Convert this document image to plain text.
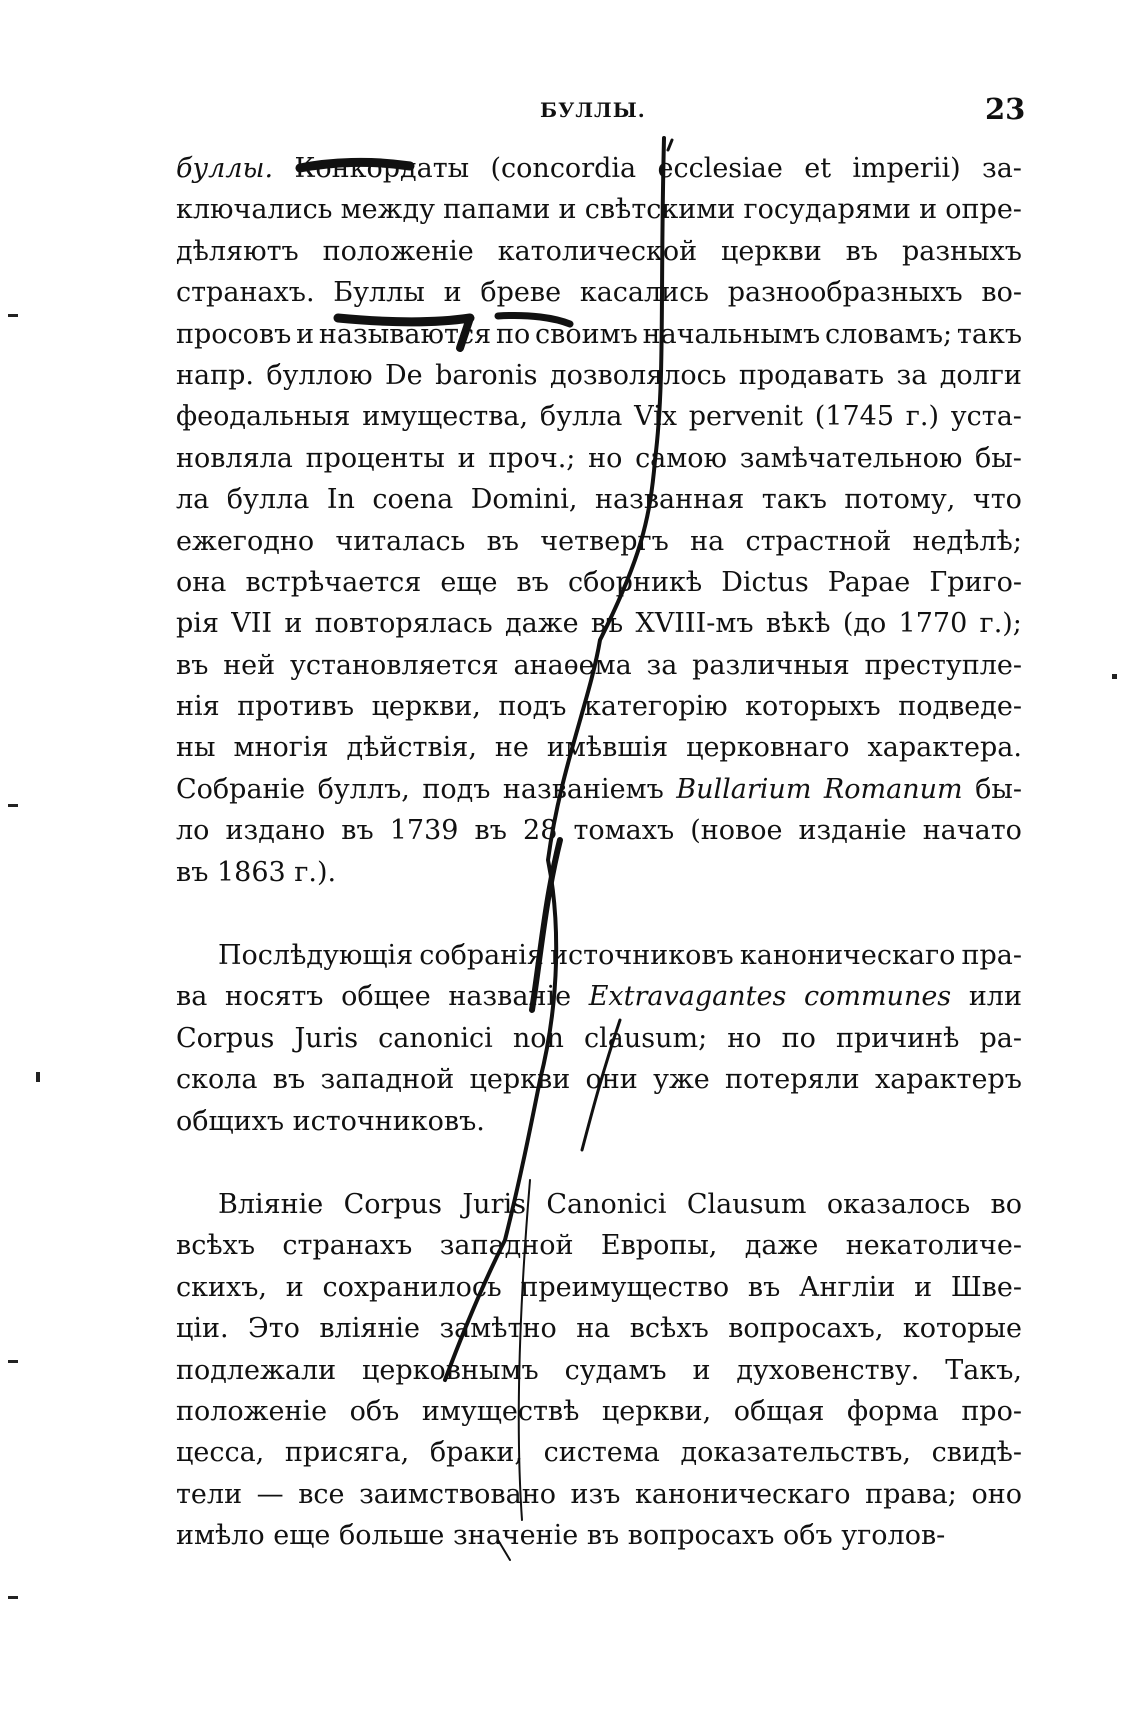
БУЛЛЫ.	23
буллы. Конкордаты (concordia ecclesiae et imperii) за-
ключались между папами и свѣтскими государями и опре-
дѣляютъ положеніе католической церкви въ разныхъ
странахъ. Буллы и бреве касались разнообразныхъ во-
просовъ и называются по своимъ начальнымъ словамъ; такъ
напр. буллою De baronis дозволялось продавать за долги
феодальныя имущества, булла Vix pervenit (1745 г.) уста-
новляла проценты и проч.; но самою замѣчательною бы-
ла булла In coena Domini, названная такъ потому, что
ежегодно читалась въ четвергъ на страстной недѣлѣ;
она встрѣчается еще въ сборникѣ Dictus Papae Григо-
рія VII и повторялась даже въ XVIII-мъ вѣкѣ (до 1770 г.);
въ ней установляется анаѳема за различныя преступле-
нія противъ церкви, подъ категорію которыхъ подведе-
ны многія дѣйствія, не имѣвшія церковнаго характера.
Собраніе буллъ, подъ названіемъ Bullarium Romanum бы-
ло издано въ 1739 въ 28 томахъ (новое изданіе начато
въ 1863 г.).
Послѣдующія собранія источниковъ каноническаго пра-
ва носятъ общее названіе Extravagantes communes или
Corpus Juris canonici non clausum; но по причинѣ ра-
скола въ западной церкви они уже потеряли характеръ
общихъ источниковъ.
Вліяніе Corpus Juris Canonici Clausum оказалось во
всѣхъ странахъ западной Европы, даже некатоличе-
скихъ, и сохранилось преимущество въ Англіи и Шве-
ціи. Это вліяніе замѣтно на всѣхъ вопросахъ, которые
подлежали церковнымъ судамъ и духовенству. Такъ,
положеніе объ имуществѣ церкви, общая форма про-
цесса, присяга, браки, система доказательствъ, свидѣ-
тели — все заимствовано изъ каноническаго права; оно
имѣло еще больше значеніе въ вопросахъ объ уголов-
